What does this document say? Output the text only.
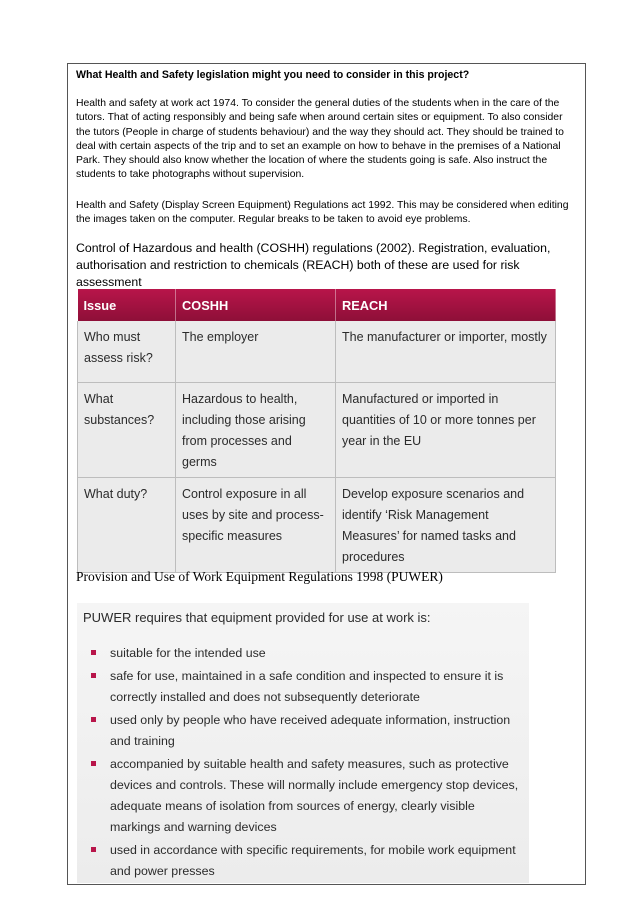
What Health and Safety legislation might you need to consider in this project?
Health and safety at work act 1974. To consider the general duties of the students when in the care of the tutors. That of acting responsibly and being safe when around certain sites or equipment. To also consider the tutors (People in charge of students behaviour) and the way they should act. They should be trained to deal with certain aspects of the trip and to set an example on how to behave in the premises of a National Park. They should also know whether the location of where the students going is safe. Also instruct the students to take photographs without supervision.
Health and Safety (Display Screen Equipment) Regulations act 1992. This may be considered when editing the images taken on the computer. Regular breaks to be taken to avoid eye problems.
Control of Hazardous and health (COSHH) regulations (2002). Registration, evaluation, authorisation and restriction to chemicals (REACH) both of these are used for risk assessment
Issue	COSHH	REACH
Who must assess risk?	The employer	The manufacturer or importer, mostly
What substances?	Hazardous to health, including those arising from processes and germs	Manufactured or imported in quantities of 10 or more tonnes per year in the EU
What duty?	Control exposure in all uses by site and process-specific measures	Develop exposure scenarios and identify ‘Risk Management Measures’ for named tasks and procedures
Provision and Use of Work Equipment Regulations 1998 (PUWER)
PUWER requires that equipment provided for use at work is:
suitable for the intended use
safe for use, maintained in a safe condition and inspected to ensure it is correctly installed and does not subsequently deteriorate
used only by people who have received adequate information, instruction and training
accompanied by suitable health and safety measures, such as protective devices and controls. These will normally include emergency stop devices, adequate means of isolation from sources of energy, clearly visible markings and warning devices
used in accordance with specific requirements, for mobile work equipment and power presses
